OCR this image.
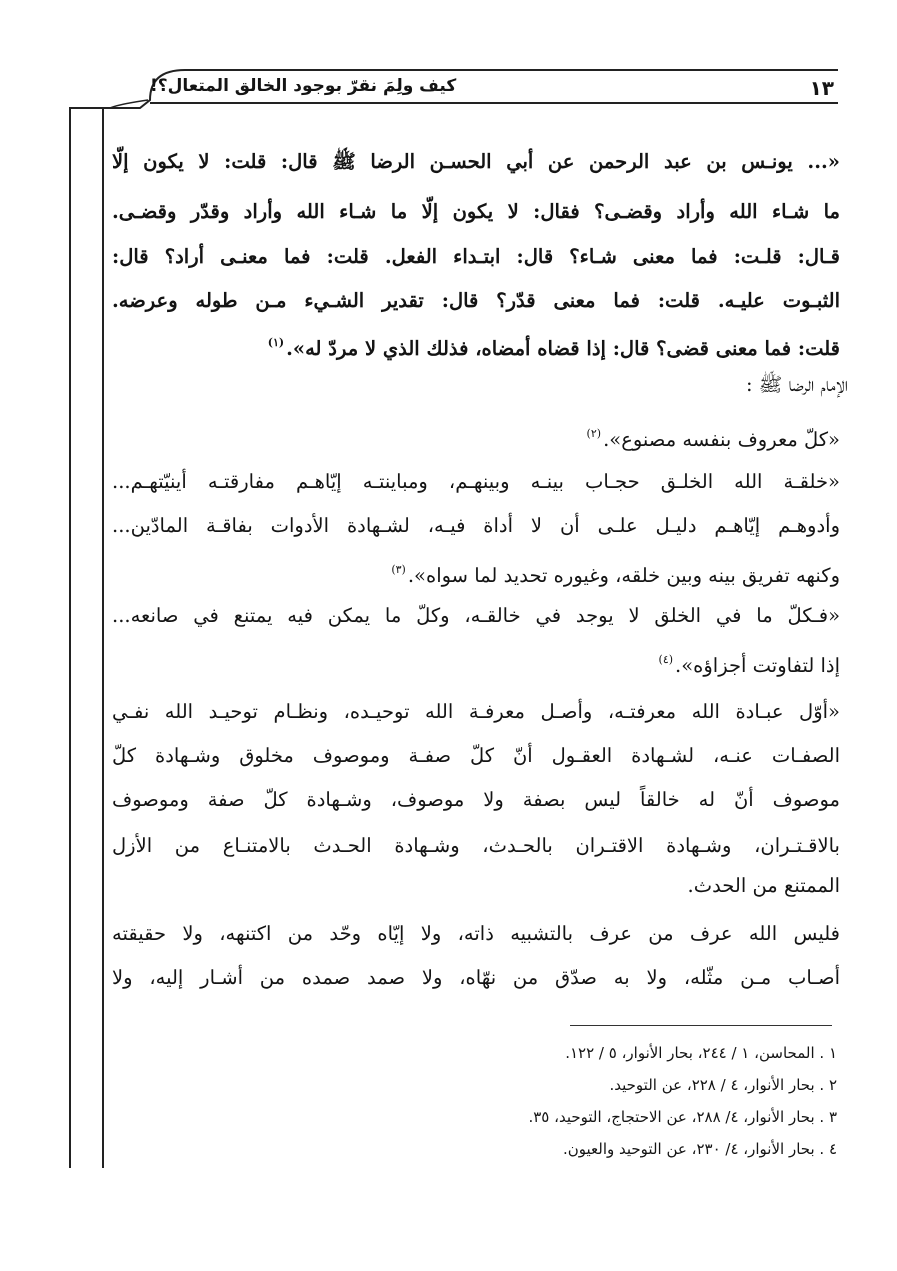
١٣
كيف ولِمَ نقرّ بوجود الخالق المتعال؟!
«... يونـس بن عبد الرحمن عن أبي الحسـن الرضا ﷺ قال: قلت: لا يكون إلّا
ما شـاء الله وأراد وقضـى؟ فقال: لا يكون إلّا ما شـاء الله وأراد وقدّر وقضـى.
قـال: قلـت: فما معنى شـاء؟ قال: ابتـداء الفعل. قلت: فما معنـى أراد؟ قال:
الثبـوت عليـه. قلت: فما معنى قدّر؟ قال: تقدير الشـيء مـن طوله وعرضه.
قلت: فما معنى قضى؟ قال: إذا قضاه أمضاه، فذلك الذي لا مردّ له».$^{(١)}$
الإمام الرضا ﷺ :
«كلّ معروف بنفسه مصنوع».$^{(٢)}$
«خلقـة الله الخلـق حجـاب بينـه وبينهـم، ومباينتـه إيّاهـم مفارقتـه أينيّتهـم...
وأدوهـم إيّاهـم دليـل علـى أن لا أداة فيـه، لشـهادة الأدوات بفاقـة المادّين...
وكنهه تفريق بينه وبين خلقه، وغيوره تحديد لما سواه».$^{(٣)}$
«فـكلّ ما في الخلق لا يوجد في خالقـه، وكلّ ما يمكن فيه يمتنع في صانعه...
إذا لتفاوتت أجزاؤه».$^{(٤)}$
«أوّل عبـادة الله معرفتـه، وأصـل معرفـة الله توحيـده، ونظـام توحيـد الله نفـي
الصفـات عنـه، لشـهادة العقـول أنّ كلّ صفـة وموصوف مخلوق وشـهادة كلّ
موصوف أنّ له خالقاً ليس بصفة ولا موصوف، وشـهادة كلّ صفة وموصوف
بالاقـتـران، وشـهادة الاقتـران بالحـدث، وشـهادة الحـدث بالامتنـاع من الأزل
الممتنع من الحدث.
فليس الله عرف من عرف بالتشبيه ذاته، ولا إيّاه وحّد من اكتنهه، ولا حقيقته
أصـاب مـن مثّله، ولا به صدّق من نهّاه، ولا صمد صمده من أشـار إليه، ولا
١ . المحاسن، ١ / ٢٤٤، بحار الأنوار، ٥ / ١٢٢.
٢ . بحار الأنوار، ٤ / ٢٢٨، عن التوحيد.
٣ . بحار الأنوار، ٤/ ٢٨٨، عن الاحتجاج، التوحيد، ٣٥.
٤ . بحار الأنوار، ٤/ ٢٣٠، عن التوحيد والعيون.
